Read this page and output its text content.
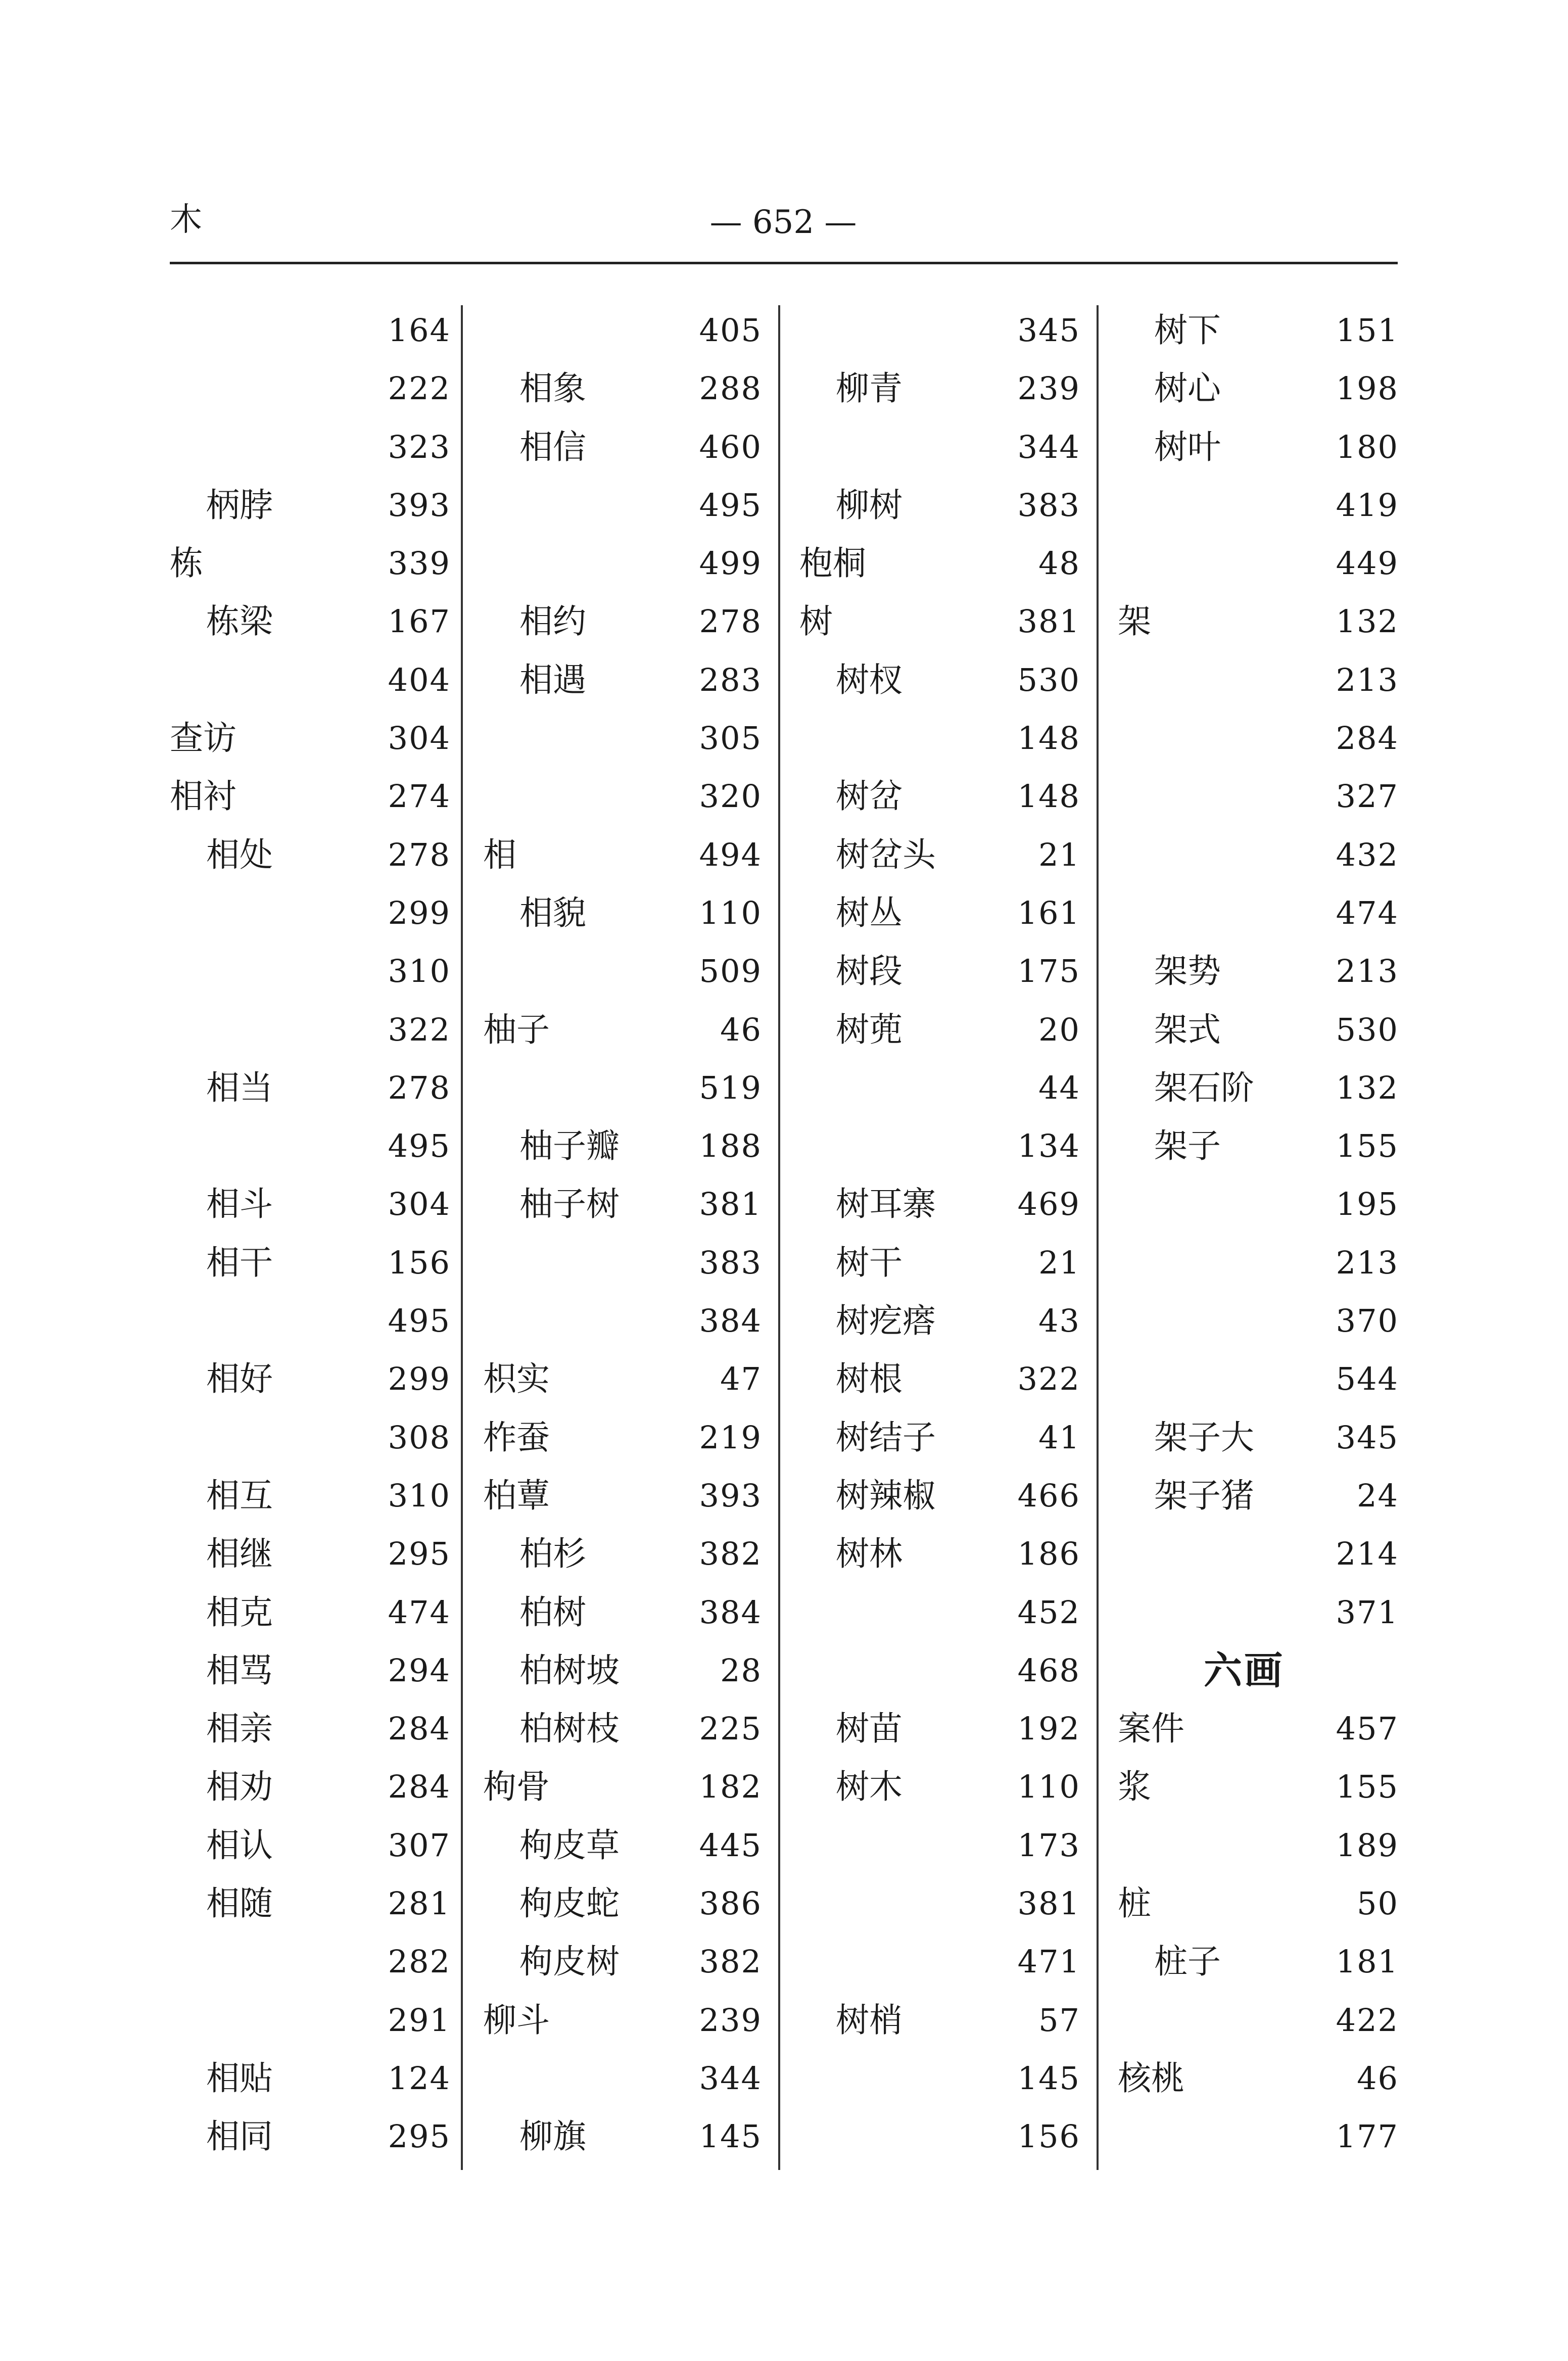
木	— 652 —
164
222
323
柄脖	393
栋	339
栋梁	167
404
查访	304
相衬	274
相处	278
299
310
322
相当	278
495
相斗	304
相干	156
495
相好	299
308
相互	310
相继	295
相克	474
相骂	294
相亲	284
相劝	284
相认	307
相随	281
282
291
相贴	124
相同	295
405
相象	288
相信	460
495
499
相约	278
相遇	283
305
320
相	494
相貌	110
509
柚子	46
519
柚子瓣	188
柚子树	381
383
384
枳实	47
柞蚕	219
柏蕈	393
柏杉	382
柏树	384
柏树坡	28
柏树枝	225
枸骨	182
枸皮草	445
枸皮蛇	386
枸皮树	382
柳斗	239
344
柳旗	145
345
柳青	239
344
柳树	383
枹桐	48
树	381
树杈	530
148
树岔	148
树岔头	21
树丛	161
树段	175
树蔸	20
44
134
树耳寨	469
树干	21
树疙瘩	43
树根	322
树结子	41
树辣椒	466
树林	186
452
468
树苗	192
树木	110
173
381
471
树梢	57
145
156
树下	151
树心	198
树叶	180
419
449
架	132
213
284
327
432
474
架势	213
架式	530
架石阶	132
架子	155
195
213
370
544
架子大	345
架子猪	24
214
371
六画
案件	457
浆	155
189
桩	50
桩子	181
422
核桃	46
177
